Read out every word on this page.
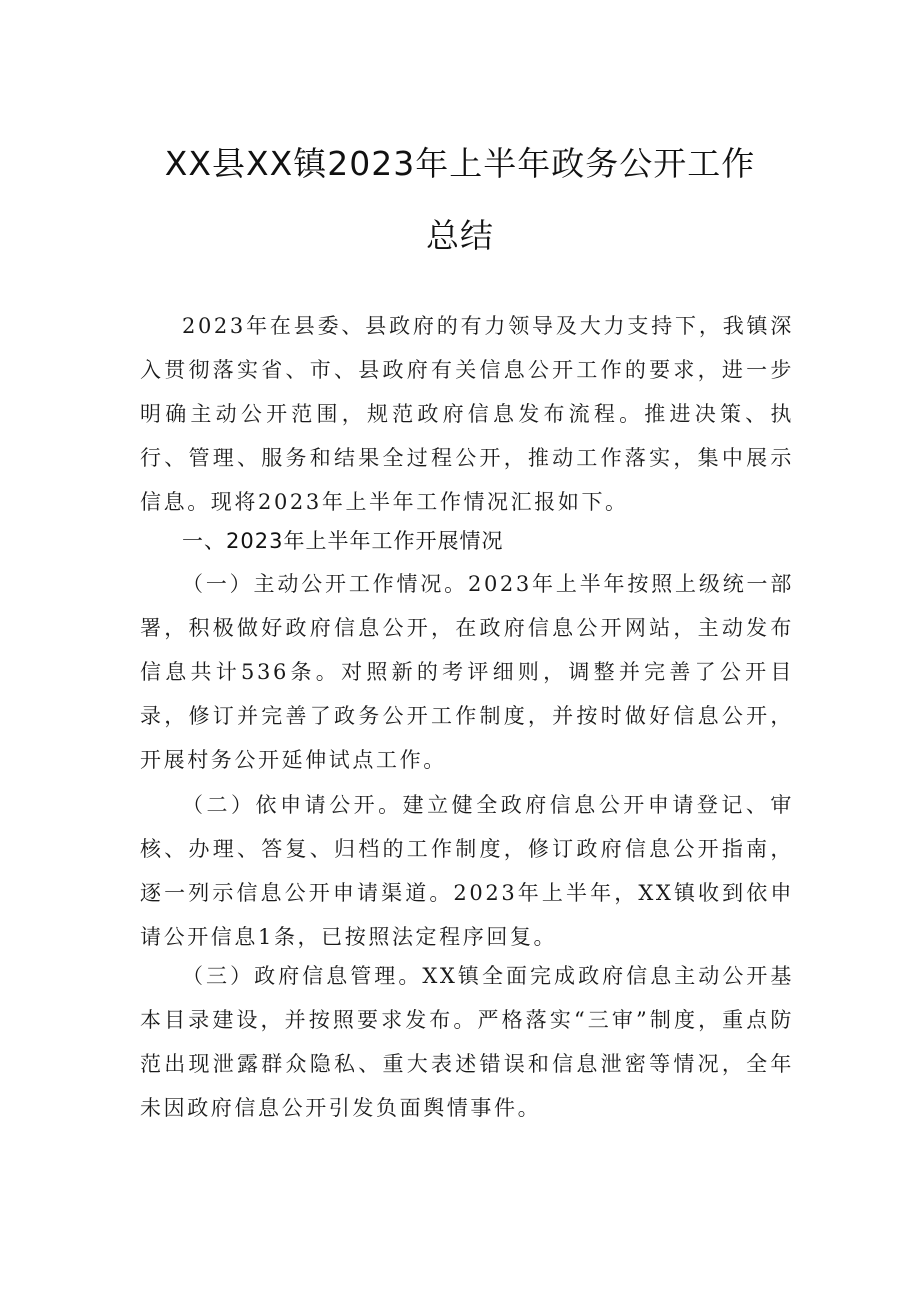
XX县XX镇2023年上半年政务公开工作
总结
2023年在县委、县政府的有力领导及大力支持下，我镇深入贯彻落实省、市、县政府有关信息公开工作的要求，进一步明确主动公开范围，规范政府信息发布流程。推进决策、执行、管理、服务和结果全过程公开，推动工作落实，集中展示信息。现将2023年上半年工作情况汇报如下。
一、2023年上半年工作开展情况
（一）主动公开工作情况。2023年上半年按照上级统一部署，积极做好政府信息公开，在政府信息公开网站，主动发布信息共计536条。对照新的考评细则，调整并完善了公开目录，修订并完善了政务公开工作制度，并按时做好信息公开，开展村务公开延伸试点工作。
（二）依申请公开。建立健全政府信息公开申请登记、审核、办理、答复、归档的工作制度，修订政府信息公开指南，逐一列示信息公开申请渠道。2023年上半年，XX镇收到依申请公开信息1条，已按照法定程序回复。
（三）政府信息管理。XX镇全面完成政府信息主动公开基本目录建设，并按照要求发布。严格落实“三审”制度，重点防范出现泄露群众隐私、重大表述错误和信息泄密等情况，全年未因政府信息公开引发负面舆情事件。
